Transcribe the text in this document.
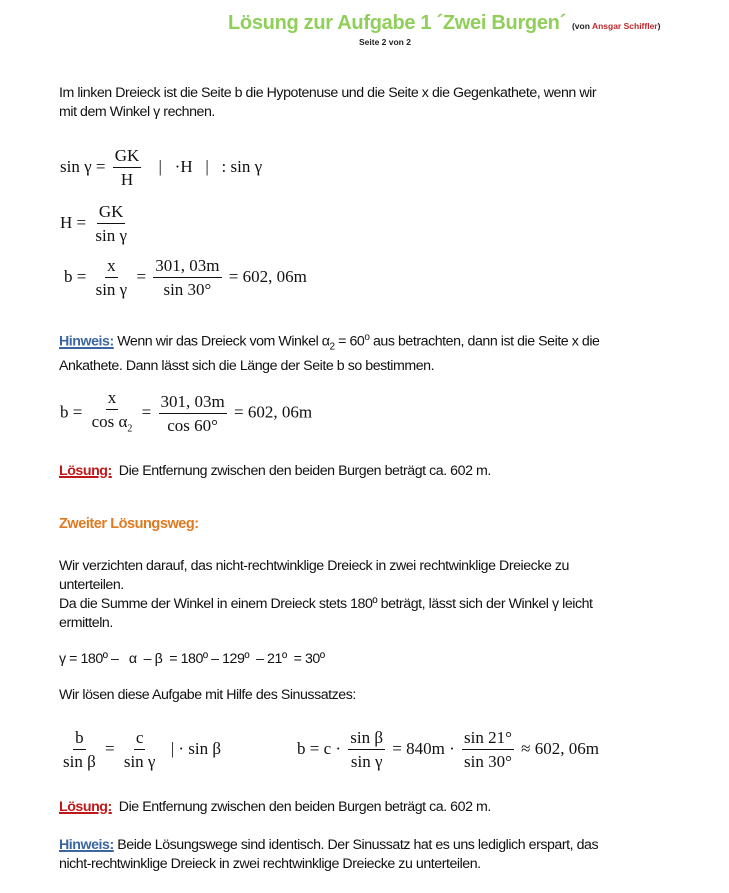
Lösung zur Aufgabe 1 ´Zwei Burgen´ (von Ansgar Schiffler)
Seite 2 von 2
Im linken Dreieck ist die Seite b die Hypotenuse und die Seite x die Gegenkathete, wenn wir
mit dem Winkel γ rechnen.
$\sin \gamma = \frac{GK}{H}$ |   ·H   |   : sin γ
$H = \frac{GK}{\text{sin γ}}$
$b = \frac{x}{\text{sin γ}} = \frac{301, 03m}{\sin 30^\circ} = 602$, 06m
Hinweis: Wenn wir das Dreieck vom Winkel $\alpha_2 = 60^o$ aus betrachten, dann ist die Seite x die
Ankathete. Dann lässt sich die Länge der Seite b so bestimmen.
$b = \frac{x}{\cos \alpha_2} = \frac{301, 03m}{\cos 60^\circ} = 602$, 06m
Lösung: Die Entfernung zwischen den beiden Burgen beträgt ca. 602 m.
Zweiter Lösungsweg:
Wir verzichten darauf, das nicht-rechtwinklige Dreieck in zwei rechtwinklige Dreiecke zu
unterteilen.
Da die Summe der Winkel in einem Dreieck stets 180º beträgt, lässt sich der Winkel γ leicht
ermitteln.
γ = 180º –   α  – β  = 180º – 129º  – 21º  = 30º
Wir lösen diese Aufgabe mit Hilfe des Sinussatzes:
$\frac{b}{\text{sin β}} = \frac{c}{\text{sin γ}}$ | · sin β	$b = c \cdot \frac{\text{sin β}}{\text{sin γ}} = 840m \cdot \frac{\sin 21^\circ}{\sin 30^\circ} \approx 602$, 06m
Lösung: Die Entfernung zwischen den beiden Burgen beträgt ca. 602 m.
Hinweis: Beide Lösungswege sind identisch. Der Sinussatz hat es uns lediglich erspart, das
nicht-rechtwinklige Dreieck in zwei rechtwinklige Dreiecke zu unterteilen.
